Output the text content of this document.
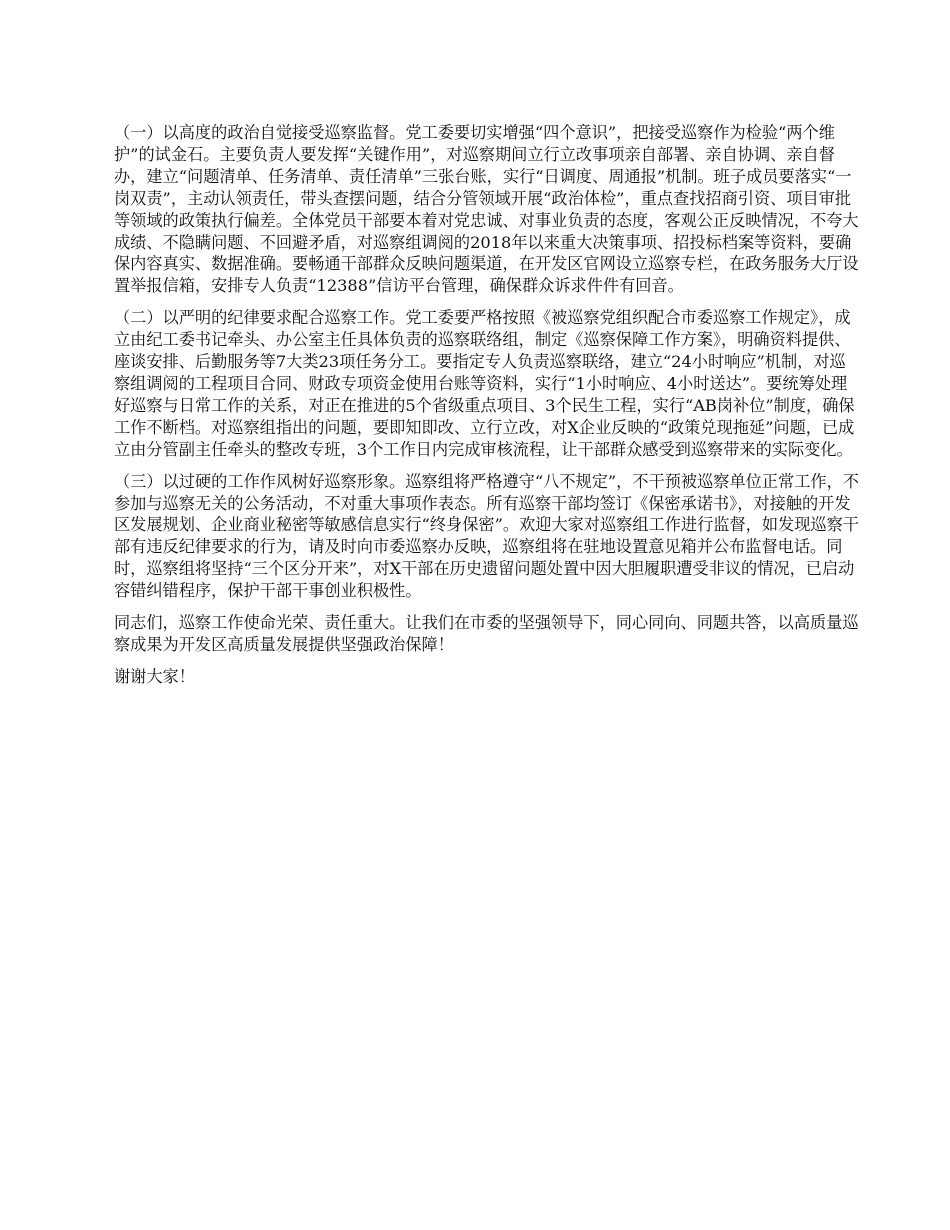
（一）以高度的政治自觉接受巡察监督。党工委要切实增强“四个意识”，把接受巡察作为检验“两个维护”的试金石。主要负责人要发挥“关键作用”，对巡察期间立行立改事项亲自部署、亲自协调、亲自督办，建立“问题清单、任务清单、责任清单”三张台账，实行“日调度、周通报”机制。班子成员要落实“一岗双责”，主动认领责任，带头查摆问题，结合分管领域开展“政治体检”，重点查找招商引资、项目审批等领域的政策执行偏差。全体党员干部要本着对党忠诚、对事业负责的态度，客观公正反映情况，不夸大成绩、不隐瞒问题、不回避矛盾，对巡察组调阅的2018年以来重大决策事项、招投标档案等资料，要确保内容真实、数据准确。要畅通干部群众反映问题渠道，在开发区官网设立巡察专栏，在政务服务大厅设置举报信箱，安排专人负责“12388”信访平台管理，确保群众诉求件件有回音。

（二）以严明的纪律要求配合巡察工作。党工委要严格按照《被巡察党组织配合市委巡察工作规定》，成立由纪工委书记牵头、办公室主任具体负责的巡察联络组，制定《巡察保障工作方案》，明确资料提供、座谈安排、后勤服务等7大类23项任务分工。要指定专人负责巡察联络，建立“24小时响应”机制，对巡察组调阅的工程项目合同、财政专项资金使用台账等资料，实行“1小时响应、4小时送达”。要统筹处理好巡察与日常工作的关系，对正在推进的5个省级重点项目、3个民生工程，实行“AB岗补位”制度，确保工作不断档。对巡察组指出的问题，要即知即改、立行立改，对X企业反映的“政策兑现拖延”问题，已成立由分管副主任牵头的整改专班，3个工作日内完成审核流程，让干部群众感受到巡察带来的实际变化。

（三）以过硬的工作作风树好巡察形象。巡察组将严格遵守“八不规定”，不干预被巡察单位正常工作，不参加与巡察无关的公务活动，不对重大事项作表态。所有巡察干部均签订《保密承诺书》，对接触的开发区发展规划、企业商业秘密等敏感信息实行“终身保密”。欢迎大家对巡察组工作进行监督，如发现巡察干部有违反纪律要求的行为，请及时向市委巡察办反映，巡察组将在驻地设置意见箱并公布监督电话。同时，巡察组将坚持“三个区分开来”，对X干部在历史遗留问题处置中因大胆履职遭受非议的情况，已启动容错纠错程序，保护干部干事创业积极性。

同志们，巡察工作使命光荣、责任重大。让我们在市委的坚强领导下，同心同向、同题共答，以高质量巡察成果为开发区高质量发展提供坚强政治保障！

谢谢大家！
